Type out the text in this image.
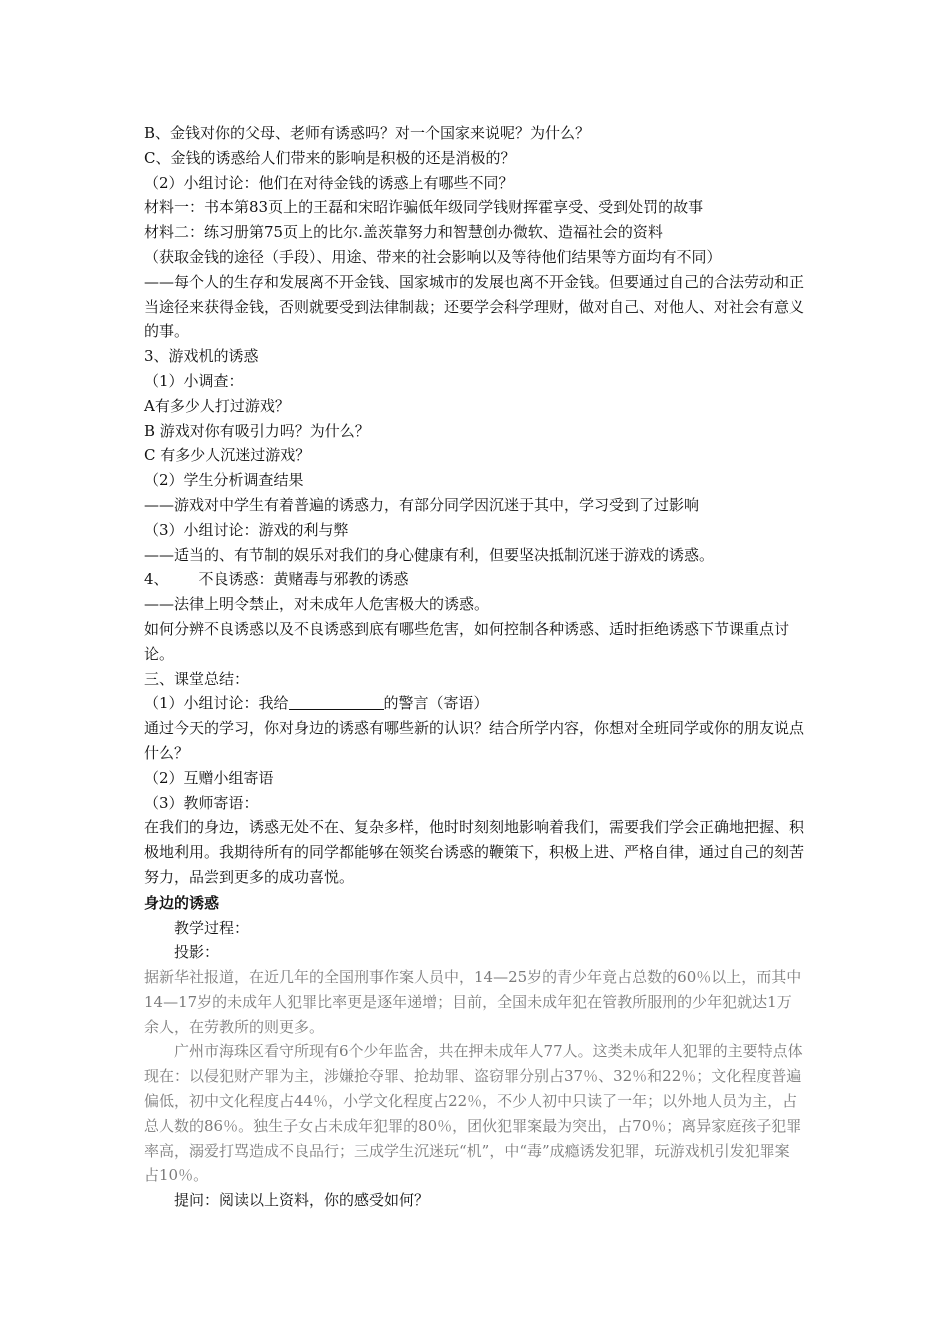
B、金钱对你的父母、老师有诱惑吗？对一个国家来说呢？为什么？
C、金钱的诱惑给人们带来的影响是积极的还是消极的？
（2）小组讨论：他们在对待金钱的诱惑上有哪些不同？
材料一：书本第83页上的王磊和宋昭诈骗低年级同学钱财挥霍享受、受到处罚的故事
材料二：练习册第75页上的比尔.盖茨靠努力和智慧创办微软、造福社会的资料
（获取金钱的途径（手段）、用途、带来的社会影响以及等待他们结果等方面均有不同）
——每个人的生存和发展离不开金钱、国家城市的发展也离不开金钱。但要通过自己的合法劳动和正当途径来获得金钱，否则就要受到法律制裁；还要学会科学理财，做对自己、对他人、对社会有意义的事。
3、游戏机的诱惑
（1）小调查：
A有多少人打过游戏？
B 游戏对你有吸引力吗？为什么？
C 有多少人沉迷过游戏？
（2）学生分析调查结果
——游戏对中学生有着普遍的诱惑力，有部分同学因沉迷于其中，学习受到了过影响
（3）小组讨论：游戏的利与弊
——适当的、有节制的娱乐对我们的身心健康有利，但要坚决抵制沉迷于游戏的诱惑。
4、 不良诱惑：黄赌毒与邪教的诱惑
——法律上明令禁止，对未成年人危害极大的诱惑。
如何分辨不良诱惑以及不良诱惑到底有哪些危害，如何控制各种诱惑、适时拒绝诱惑下节课重点讨论。
三、课堂总结：
（1）小组讨论：我给	的警言（寄语）
通过今天的学习，你对身边的诱惑有哪些新的认识？结合所学内容，你想对全班同学或你的朋友说点什么？
（2）互赠小组寄语
（3）教师寄语：
在我们的身边，诱惑无处不在、复杂多样，他时时刻刻地影响着我们，需要我们学会正确地把握、积极地利用。我期待所有的同学都能够在领奖台诱惑的鞭策下，积极上进、严格自律，通过自己的刻苦努力，品尝到更多的成功喜悦。
身边的诱惑
教学过程：
投影：
据新华社报道，在近几年的全国刑事作案人员中，14—25岁的青少年竟占总数的60％以上，而其中14—17岁的未成年人犯罪比率更是逐年递增；目前，全国未成年犯在管教所服刑的少年犯就达1万余人，在劳教所的则更多。
广州市海珠区看守所现有6个少年监舍，共在押未成年人77人。这类未成年人犯罪的主要特点体现在：以侵犯财产罪为主，涉嫌抢夺罪、抢劫罪、盗窃罪分别占37％、32％和22％；文化程度普遍偏低，初中文化程度占44％，小学文化程度占22％，不少人初中只读了一年；以外地人员为主，占总人数的86％。独生子女占未成年犯罪的80％，团伙犯罪案最为突出，占70％；离异家庭孩子犯罪率高，溺爱打骂造成不良品行；三成学生沉迷玩“机”，中“毒”成瘾诱发犯罪，玩游戏机引发犯罪案占10％。
提问：阅读以上资料，你的感受如何？
